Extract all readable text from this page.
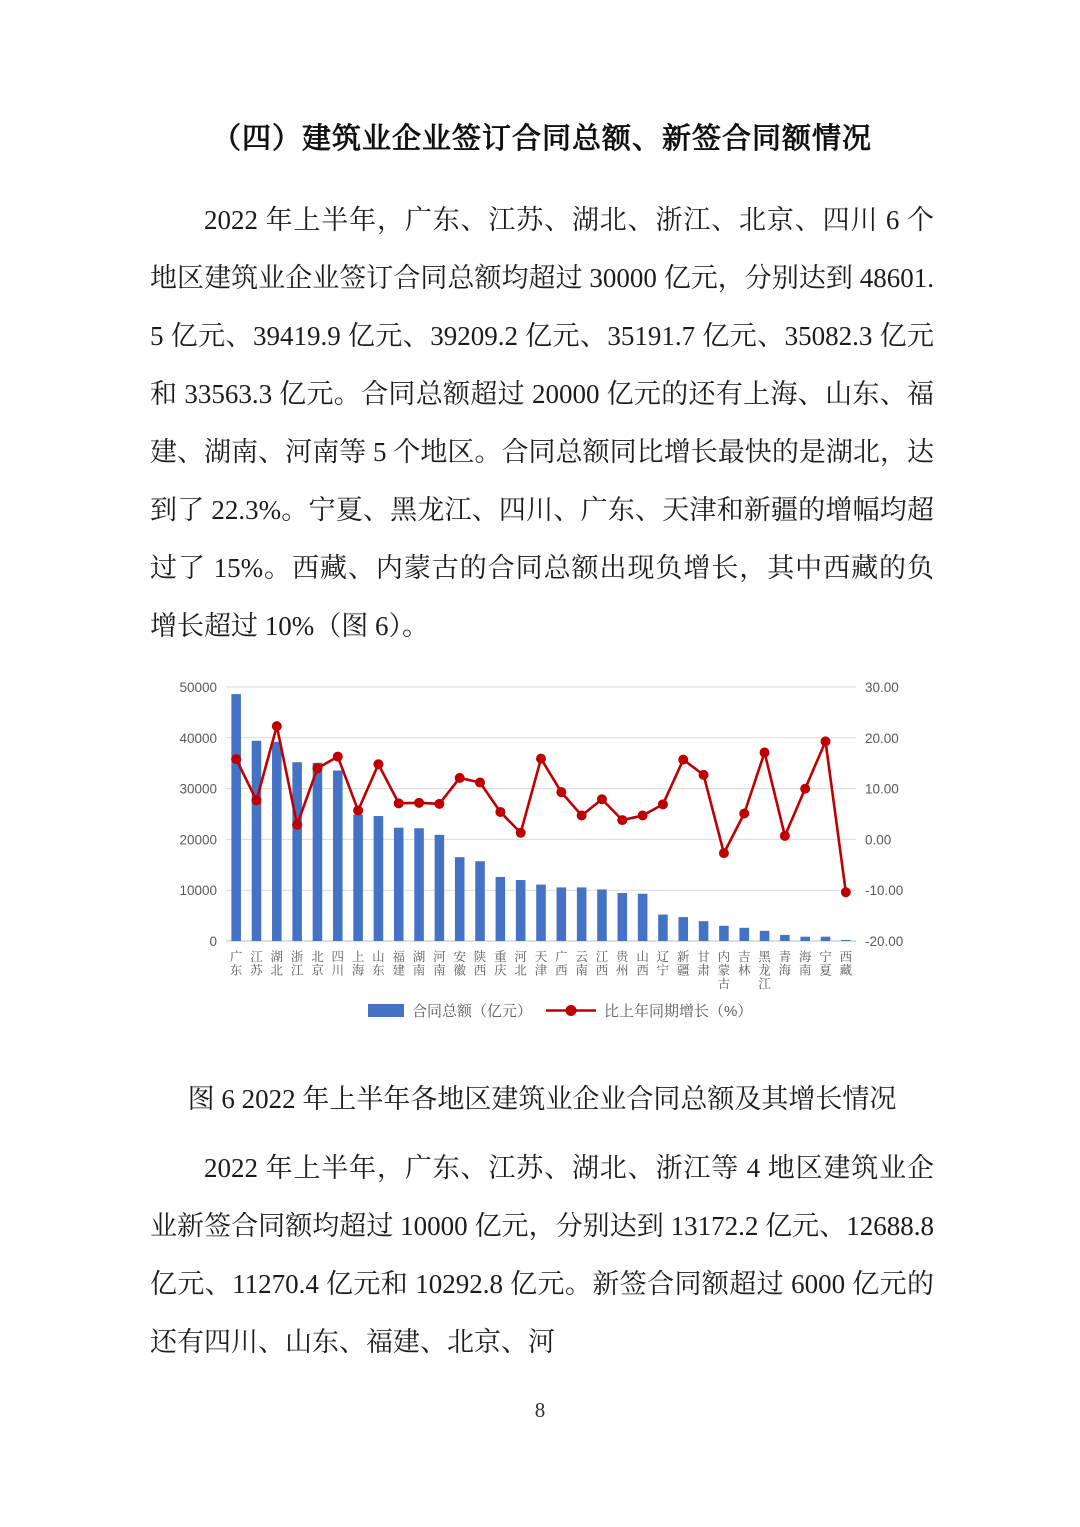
（四）建筑业企业签订合同总额、新签合同额情况

2022 年上半年，广东、江苏、湖北、浙江、北京、四川 6 个地区建筑业企业签订合同总额均超过 30000 亿元，分别达到 48601.5 亿元、39419.9 亿元、39209.2 亿元、35191.7 亿元、35082.3 亿元和 33563.3 亿元。合同总额超过 20000 亿元的还有上海、山东、福建、湖南、河南等 5 个地区。合同总额同比增长最快的是湖北，达到了 22.3%。宁夏、黑龙江、四川、广东、天津和新疆的增幅均超过了 15%。西藏、内蒙古的合同总额出现负增长，其中西藏的负增长超过 10%（图 6）。

0
10000
20000
30000
40000
50000
-20.00
-10.00
0.00
10.00
20.00
30.00
广东
江苏
湖北
浙江
北京
四川
上海
山东
福建
湖南
河南
安徽
陕西
重庆
河北
天津
广西
云南
江西
贵州
山西
辽宁
新疆
甘肃
内蒙古
吉林
黑龙江
青海
海南
宁夏
西藏
合同总额（亿元）	比上年同期增长（%）

图 6 2022 年上半年各地区建筑业企业合同总额及其增长情况

2022 年上半年，广东、江苏、湖北、浙江等 4 地区建筑业企业新签合同额均超过 10000 亿元，分别达到 13172.2 亿元、12688.8 亿元、11270.4 亿元和 10292.8 亿元。新签合同额超过 6000 亿元的还有四川、山东、福建、北京、河

8
